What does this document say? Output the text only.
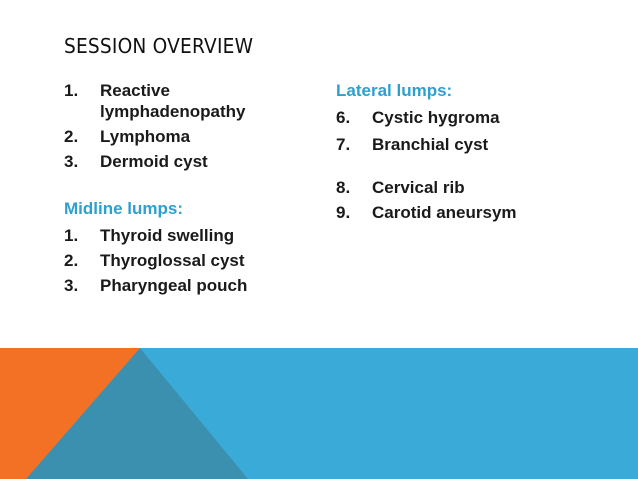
SESSION OVERVIEW
1. Reactive lymphadenopathy
2. Lymphoma
3. Dermoid cyst
Midline lumps:
1. Thyroid swelling
2. Thyroglossal cyst
3. Pharyngeal pouch
Lateral lumps:
6. Cystic hygroma
7. Branchial cyst
8. Cervical rib
9. Carotid aneursym
